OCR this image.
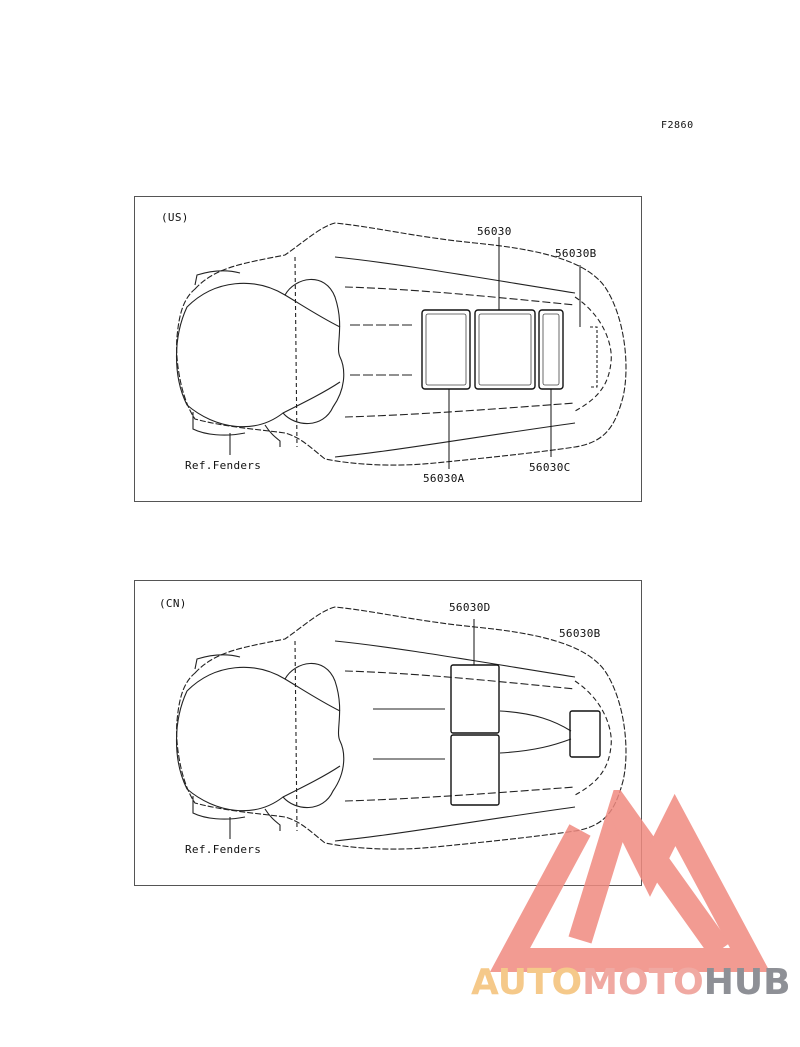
F2860
(US)
56030
56030B
56030A
56030C
Ref.Fenders
(CN)	56030D
56030B
Ref.Fenders
AUTOMOTOHUB
